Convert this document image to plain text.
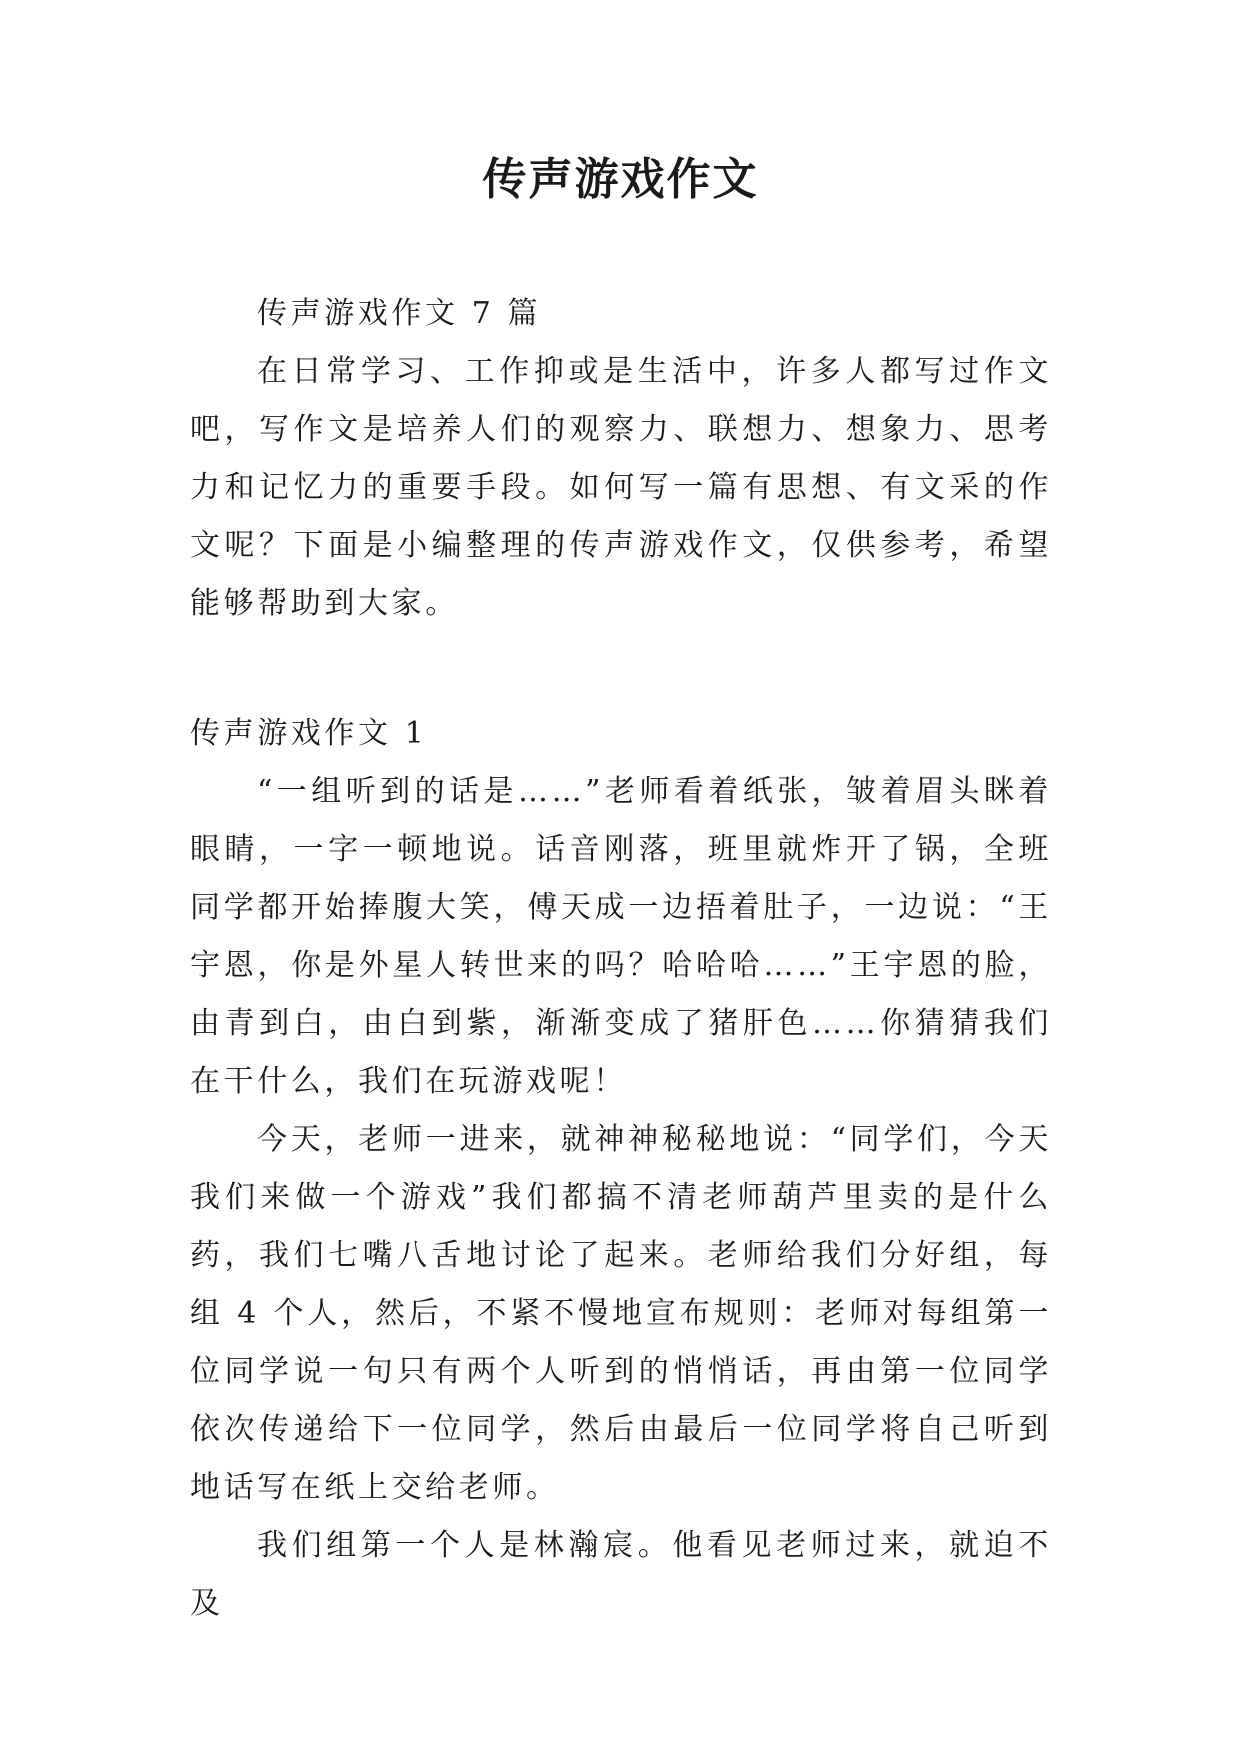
传声游戏作文

传声游戏作文 7 篇

在日常学习、工作抑或是生活中，许多人都写过作文吧，写作文是培养人们的观察力、联想力、想象力、思考力和记忆力的重要手段。如何写一篇有思想、有文采的作文呢？下面是小编整理的传声游戏作文，仅供参考，希望能够帮助到大家。

传声游戏作文 1

“一组听到的话是……”老师看着纸张，皱着眉头眯着眼睛，一字一顿地说。话音刚落，班里就炸开了锅，全班同学都开始捧腹大笑，傅天成一边捂着肚子，一边说：“王宇恩，你是外星人转世来的吗？哈哈哈……”王宇恩的脸，由青到白，由白到紫，渐渐变成了猪肝色……你猜猜我们在干什么，我们在玩游戏呢！

今天，老师一进来，就神神秘秘地说：“同学们，今天我们来做一个游戏”我们都搞不清老师葫芦里卖的是什么药，我们七嘴八舌地讨论了起来。老师给我们分好组，每组 4 个人，然后，不紧不慢地宣布规则：老师对每组第一位同学说一句只有两个人听到的悄悄话，再由第一位同学依次传递给下一位同学，然后由最后一位同学将自己听到地话写在纸上交给老师。

我们组第一个人是林瀚宸。他看见老师过来，就迫不及
